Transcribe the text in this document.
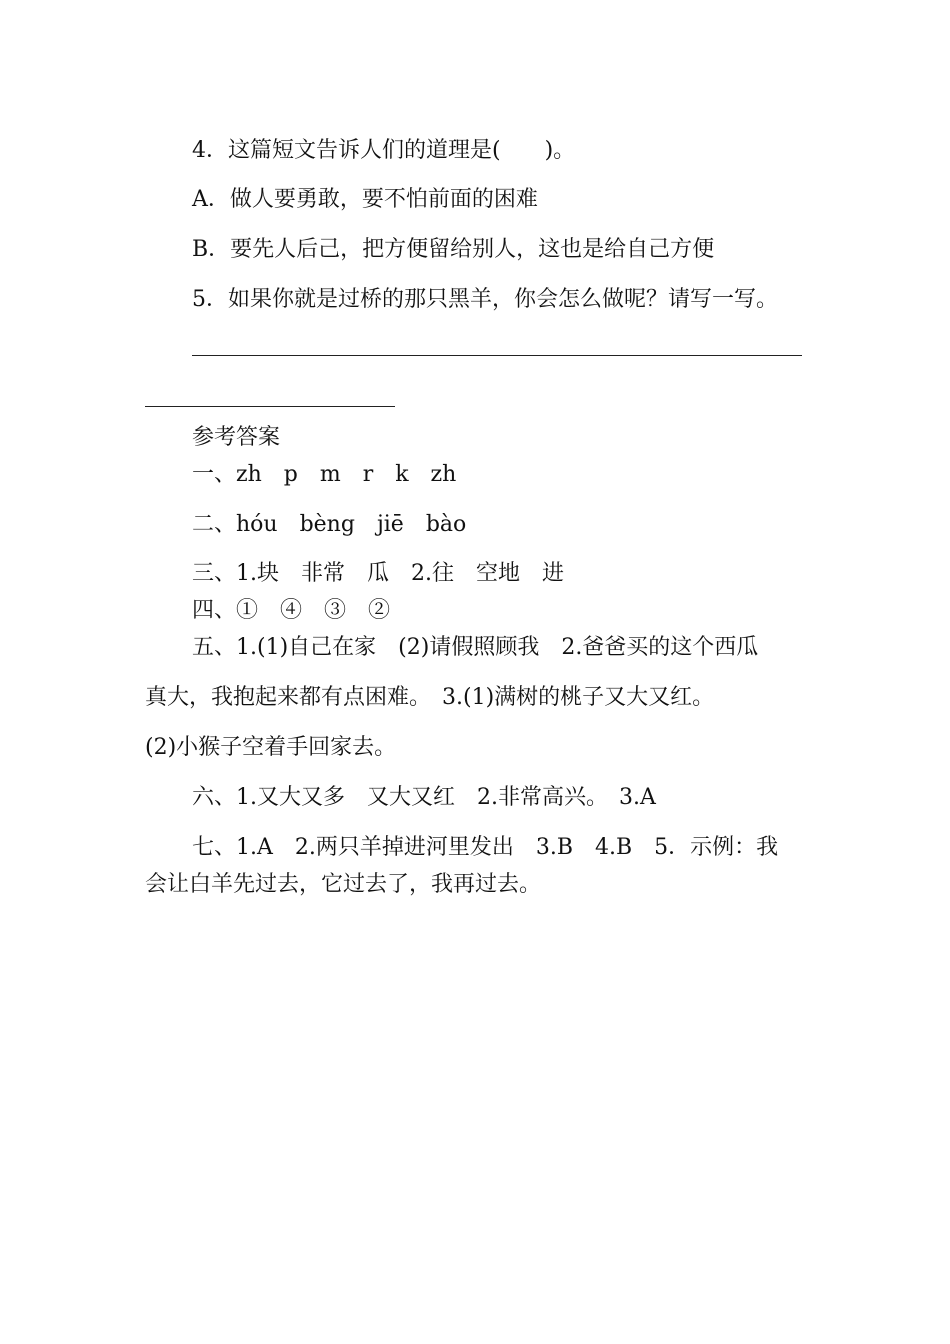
4．这篇短文告诉人们的道理是(　　)。
A．做人要勇敢，要不怕前面的困难
B．要先人后己，把方便留给别人，这也是给自己方便
5．如果你就是过桥的那只黑羊，你会怎么做呢？请写一写。
参考答案
一、zh　p　m　r　k　zh
二、hóu　bèng　jiē　bào
三、1.块　非常　瓜　2.往　空地　进
四、①　④　③　②
五、1.(1)自己在家　(2)请假照顾我　2.爸爸买的这个西瓜
真大，我抱起来都有点困难。　3.(1)满树的桃子又大又红。
(2)小猴子空着手回家去。
六、1.又大又多　又大又红　2.非常高兴。　3.A
七、1.A　2.两只羊掉进河里发出　3.B　4.B　5．示例：我
会让白羊先过去，它过去了，我再过去。
